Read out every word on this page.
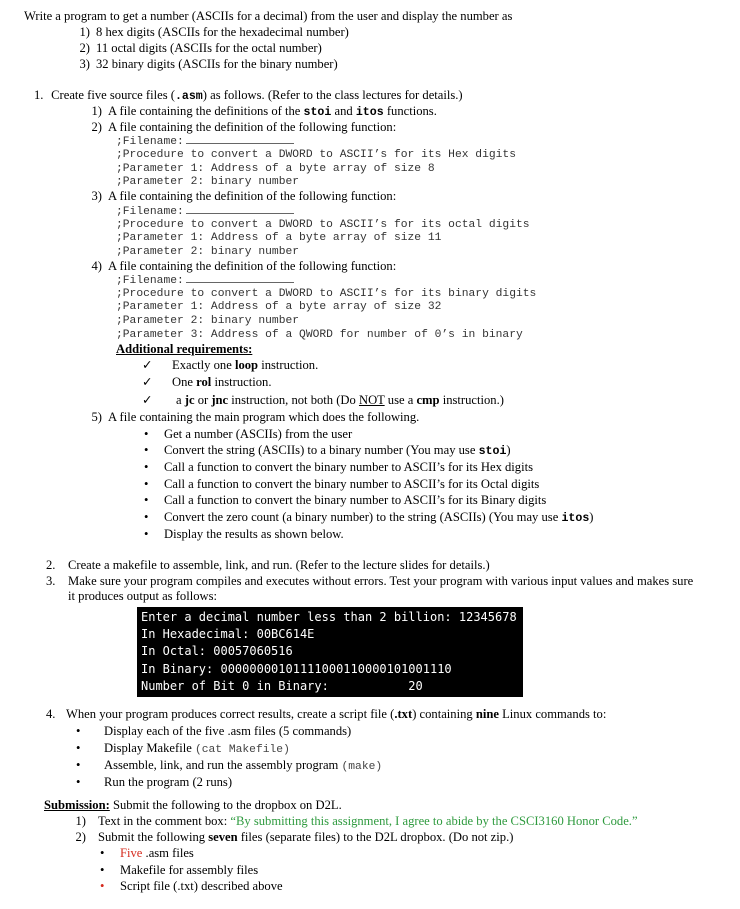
Write a program to get a number (ASCIIs for a decimal) from the user and display the number as
1) 8 hex digits (ASCIIs for the hexadecimal number)
2) 11 octal digits (ASCIIs for the octal number)
3) 32 binary digits (ASCIIs for the binary number)
1. Create five source files (.asm) as follows. (Refer to the class lectures for details.)
1) A file containing the definitions of the stoi and itos functions.
2) A file containing the definition of the following function:
;Filename:
;Procedure to convert a DWORD to ASCII’s for its Hex digits
;Parameter 1: Address of a byte array of size 8
;Parameter 2: binary number
3) A file containing the definition of the following function:
;Filename:
;Procedure to convert a DWORD to ASCII’s for its octal digits
;Parameter 1: Address of a byte array of size 11
;Parameter 2: binary number
4) A file containing the definition of the following function:
;Filename:
;Procedure to convert a DWORD to ASCII’s for its binary digits
;Parameter 1: Address of a byte array of size 32
;Parameter 2: binary number
;Parameter 3: Address of a QWORD for number of 0’s in binary
Additional requirements:
✓ Exactly one loop instruction.
✓ One rol instruction.
✓ a jc or jnc instruction, not both (Do NOT use a cmp instruction.)
5) A file containing the main program which does the following.
• Get a number (ASCIIs) from the user
• Convert the string (ASCIIs) to a binary number (You may use stoi)
• Call a function to convert the binary number to ASCII’s for its Hex digits
• Call a function to convert the binary number to ASCII’s for its Octal digits
• Call a function to convert the binary number to ASCII’s for its Binary digits
• Convert the zero count (a binary number) to the string (ASCIIs) (You may use itos)
• Display the results as shown below.
2. Create a makefile to assemble, link, and run. (Refer to the lecture slides for details.)
3. Make sure your program compiles and executes without errors. Test your program with various input values and makes sure
it produces output as follows:
Enter a decimal number less than 2 billion: 12345678
In Hexadecimal: 00BC614E
In Octal: 00057060516
In Binary: 00000000101111000110000101001110
Number of Bit 0 in Binary:           20
4. When your program produces correct results, create a script file (.txt) containing nine Linux commands to:
• Display each of the five .asm files (5 commands)
• Display Makefile (cat Makefile)
• Assemble, link, and run the assembly program (make)
• Run the program (2 runs)
Submission: Submit the following to the dropbox on D2L.
1) Text in the comment box: “By submitting this assignment, I agree to abide by the CSCI3160 Honor Code.”
2) Submit the following seven files (separate files) to the D2L dropbox. (Do not zip.)
• Five .asm files
• Makefile for assembly files
• Script file (.txt) described above
